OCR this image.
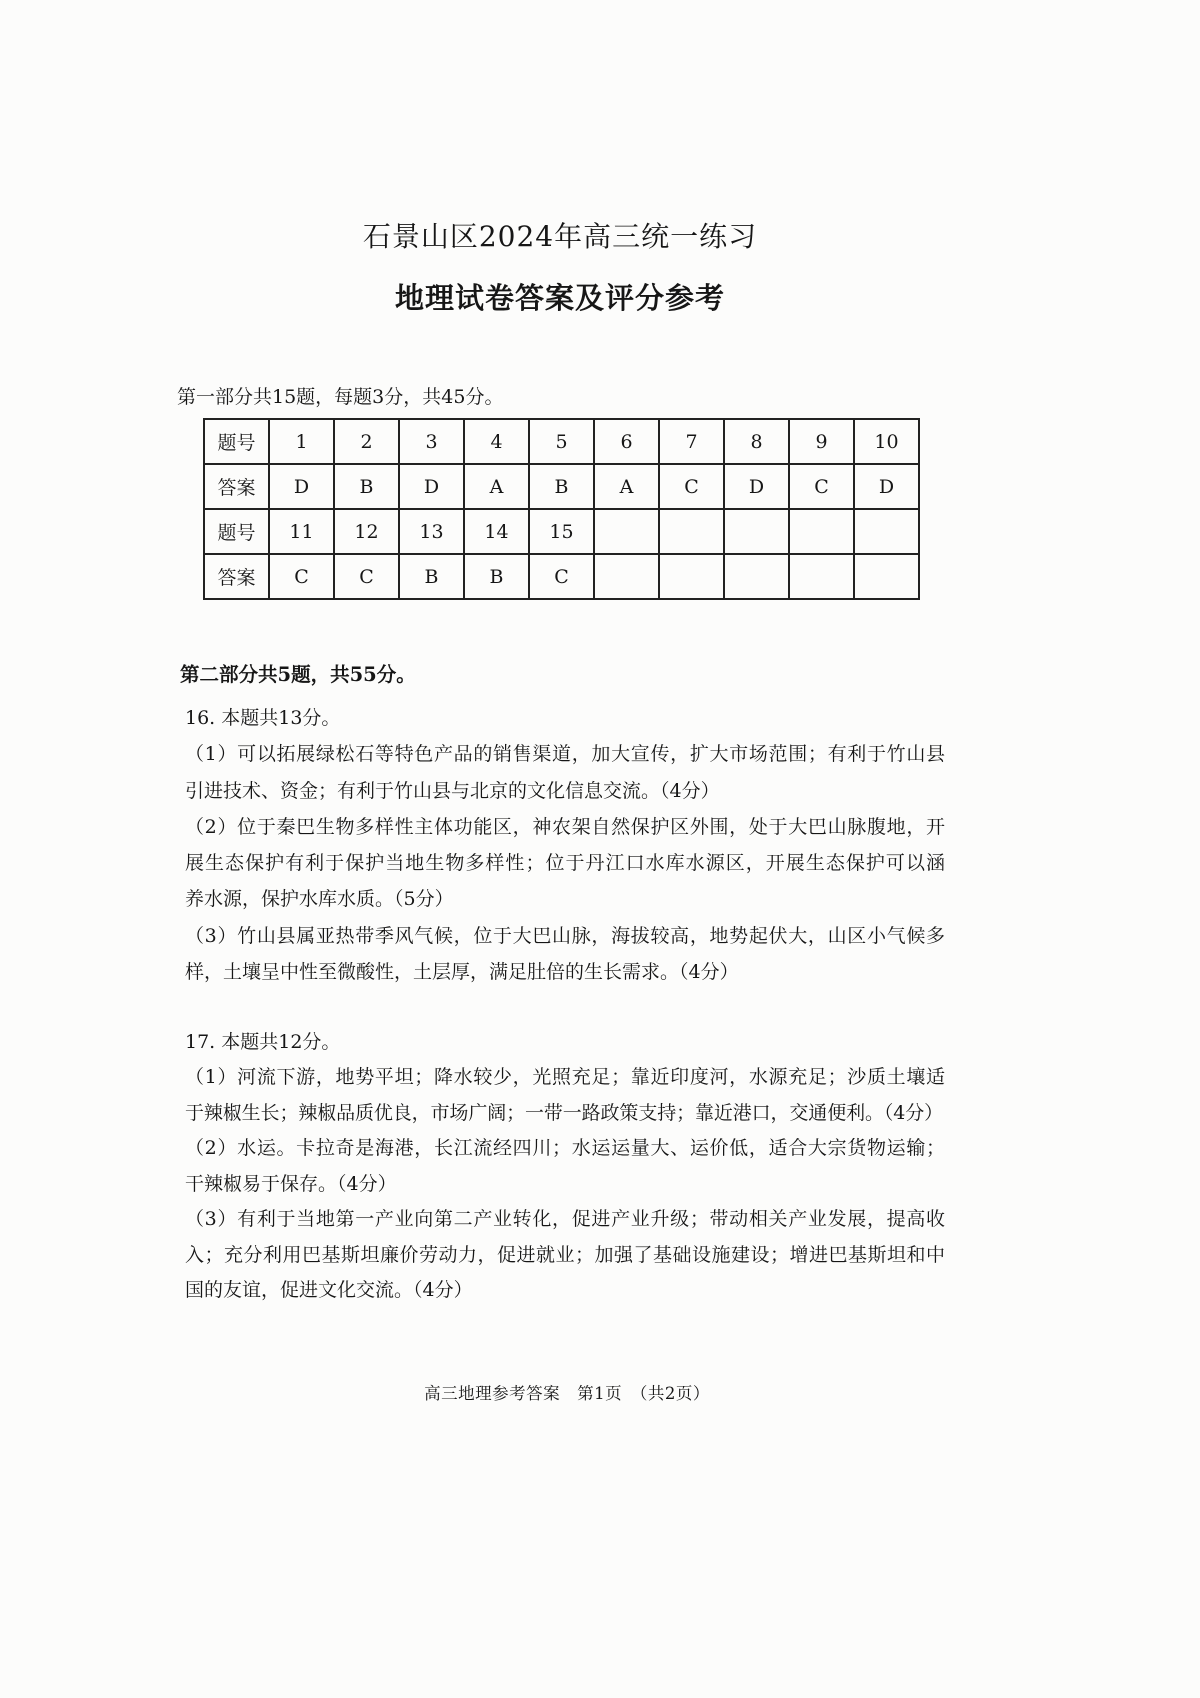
石景山区2024年高三统一练习
地理试卷答案及评分参考
第一部分共15题，每题3分，共45分。
题号	1	2	3	4	5	6	7	8	9	10
答案	D	B	D	A	B	A	C	D	C	D
题号	11	12	13	14	15					
答案	C	C	B	B	C					
第二部分共5题，共55分。
16. 本题共13分。
（1）可以拓展绿松石等特色产品的销售渠道，加大宣传，扩大市场范围；有利于竹山县
引进技术、资金；有利于竹山县与北京的文化信息交流。（4分）
（2）位于秦巴生物多样性主体功能区，神农架自然保护区外围，处于大巴山脉腹地，开
展生态保护有利于保护当地生物多样性；位于丹江口水库水源区，开展生态保护可以涵
养水源，保护水库水质。（5分）
（3）竹山县属亚热带季风气候，位于大巴山脉，海拔较高，地势起伏大，山区小气候多
样，土壤呈中性至微酸性，土层厚，满足肚倍的生长需求。（4分）
17. 本题共12分。
（1）河流下游，地势平坦；降水较少，光照充足；靠近印度河，水源充足；沙质土壤适
于辣椒生长；辣椒品质优良，市场广阔；一带一路政策支持；靠近港口，交通便利。（4分）
（2）水运。卡拉奇是海港，长江流经四川；水运运量大、运价低，适合大宗货物运输；
干辣椒易于保存。（4分）
（3）有利于当地第一产业向第二产业转化，促进产业升级；带动相关产业发展，提高收
入；充分利用巴基斯坦廉价劳动力，促进就业；加强了基础设施建设；增进巴基斯坦和中
国的友谊，促进文化交流。（4分）
高三地理参考答案　第1页　（共2页）
